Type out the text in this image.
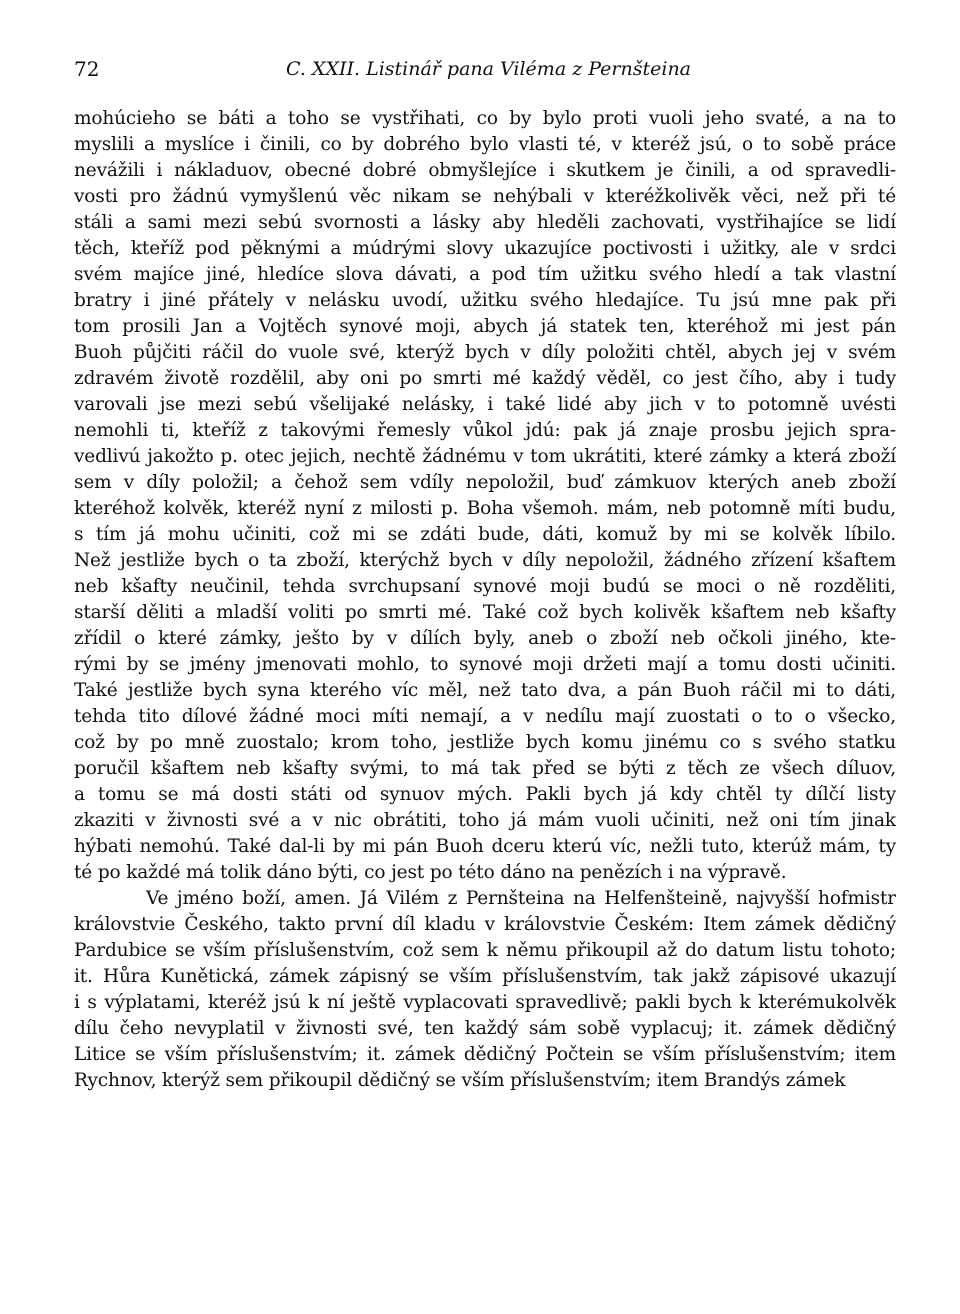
72	C. XXII. Listinář pana Viléma z Pernšteina

mohúcieho se báti a toho se vystřihati, co by bylo proti vuoli jeho svaté, a na to
myslili a myslíce i činili, co by dobrého bylo vlasti té, v kteréž jsú, o to sobě práce
nevážili i nákladuov, obecné dobré obmyšlejíce i skutkem je činili, a od spravedli-
vosti pro žádnú vymyšlenú věc nikam se nehýbali v kteréžkolivěk věci, než při té
stáli a sami mezi sebú svornosti a lásky aby hleděli zachovati, vystřihajíce se lidí
těch, kteříž pod pěknými a múdrými slovy ukazujíce poctivosti i užitky, ale v srdci
svém majíce jiné, hledíce slova dávati, a pod tím užitku svého hledí a tak vlastní
bratry i jiné přátely v nelásku uvodí, užitku svého hledajíce. Tu jsú mne pak při
tom prosili Jan a Vojtěch synové moji, abych já statek ten, kteréhož mi jest pán
Buoh půjčiti ráčil do vuole své, kterýž bych v díly položiti chtěl, abych jej v svém
zdravém životě rozdělil, aby oni po smrti mé každý věděl, co jest čího, aby i tudy
varovali jse mezi sebú všelijaké nelásky, i také lidé aby jich v to potomně uvésti
nemohli ti, kteříž z takovými řemesly vůkol jdú: pak já znaje prosbu jejich spra-
vedlivú jakožto p. otec jejich, nechtě žádnému v tom ukrátiti, které zámky a která zboží
sem v díly položil; a čehož sem vdíly nepoložil, buď zámkuov kterých aneb zboží
kteréhož kolvěk, kteréž nyní z milosti p. Boha všemoh. mám, neb potomně míti budu,
s tím já mohu učiniti, což mi se zdáti bude, dáti, komuž by mi se kolvěk líbilo.
Než jestliže bych o ta zboží, kterýchž bych v díly nepoložil, žádného zřízení kšaftem
neb kšafty neučinil, tehda svrchupsaní synové moji budú se moci o ně rozděliti,
starší děliti a mladší voliti po smrti mé. Také což bych kolivěk kšaftem neb kšafty
zřídil o které zámky, ješto by v dílích byly, aneb o zboží neb očkoli jiného, kte-
rými by se jmény jmenovati mohlo, to synové moji držeti mají a tomu dosti učiniti.
Také jestliže bych syna kterého víc měl, než tato dva, a pán Buoh ráčil mi to dáti,
tehda tito dílové žádné moci míti nemají, a v nedílu mají zuostati o to o všecko,
což by po mně zuostalo; krom toho, jestliže bych komu jinému co s svého statku
poručil kšaftem neb kšafty svými, to má tak před se býti z těch ze všech díluov,
a tomu se má dosti státi od synuov mých. Pakli bych já kdy chtěl ty dílčí listy
zkaziti v živnosti své a v nic obrátiti, toho já mám vuoli učiniti, než oni tím jinak
hýbati nemohú. Také dal-li by mi pán Buoh dceru kterú víc, nežli tuto, kterúž mám, ty
té po každé má tolik dáno býti, co jest po této dáno na penězích i na výpravě.

Ve jméno boží, amen. Já Vilém z Pernšteina na Helfenšteině, najvyšší hofmistr
královstvie Českého, takto první díl kladu v královstvie Českém: Item zámek dědičný
Pardubice se vším příslušenstvím, což sem k němu přikoupil až do datum listu tohoto;
it. Hůra Kunětická, zámek zápisný se vším příslušenstvím, tak jakž zápisové ukazují
i s výplatami, kteréž jsú k ní ještě vyplacovati spravedlivě; pakli bych k kterémukolvěk
dílu čeho nevyplatil v živnosti své, ten každý sám sobě vyplacuj; it. zámek dědičný
Litice se vším příslušenstvím; it. zámek dědičný Počtein se vším příslušenstvím; item
Rychnov, kterýž sem přikoupil dědičný se vším příslušenstvím; item Brandýs zámek
